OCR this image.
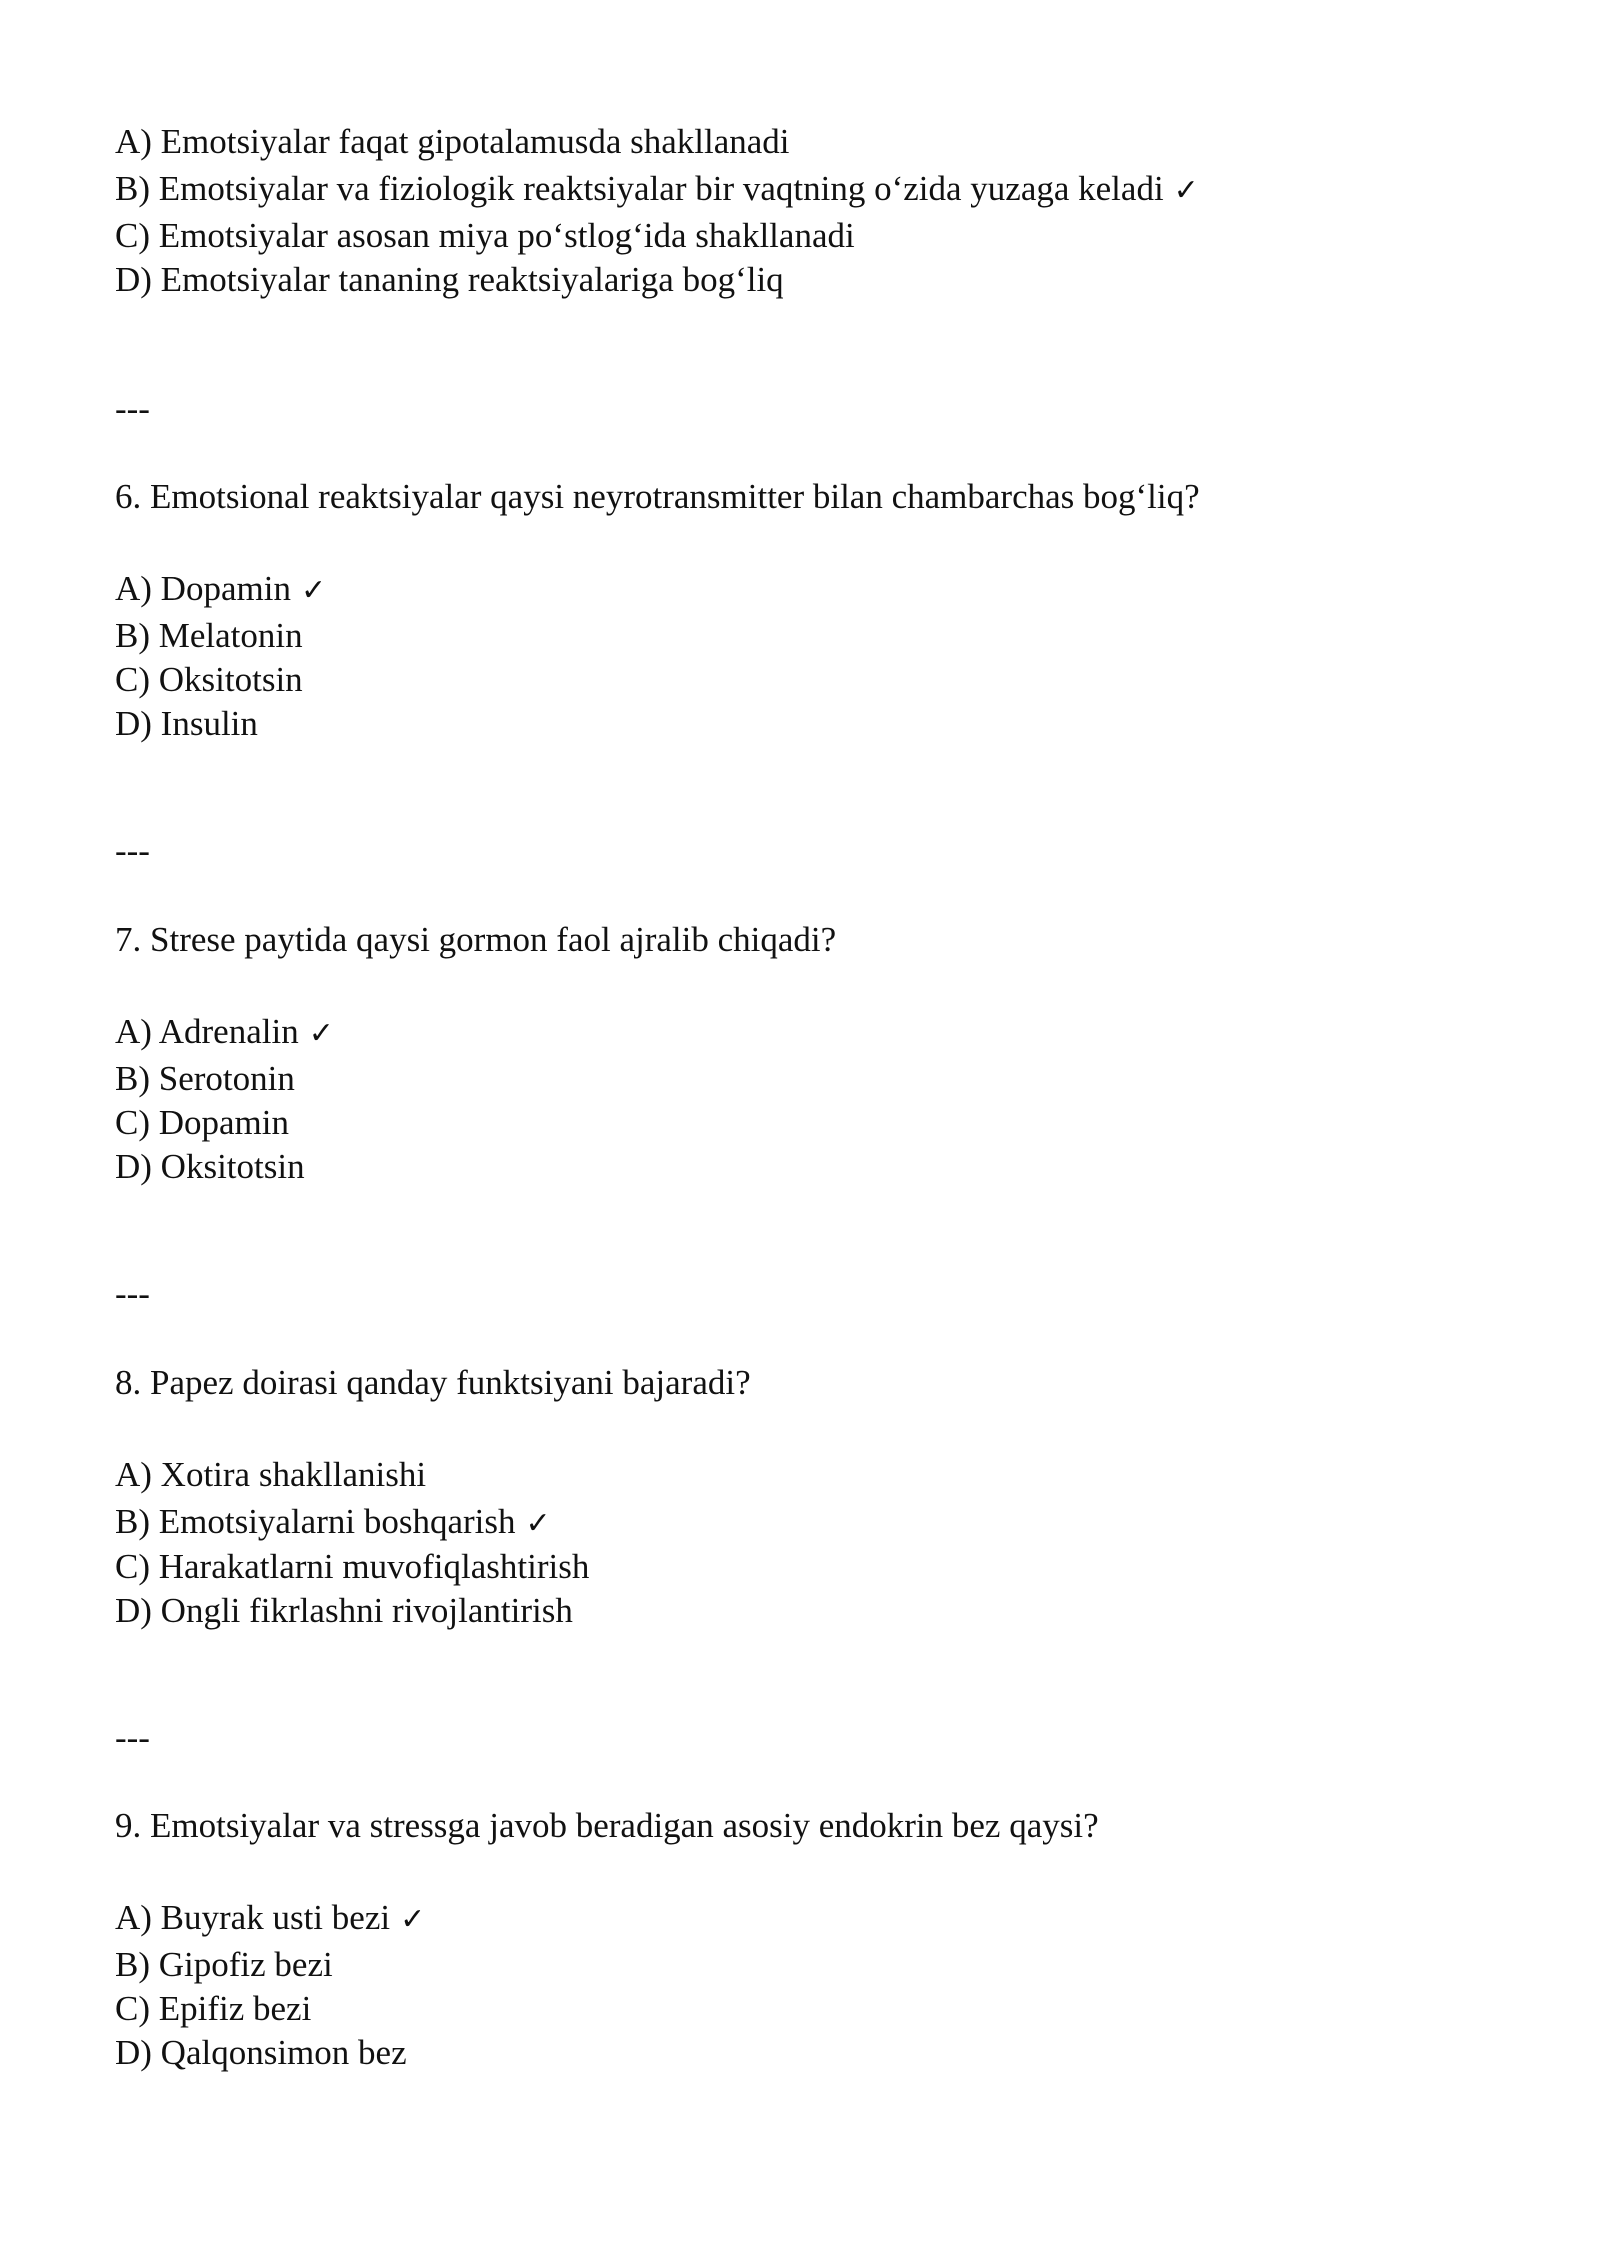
A) Emotsiyalar faqat gipotalamusda shakllanadi
B) Emotsiyalar va fiziologik reaktsiyalar bir vaqtning o‘zida yuzaga keladi ✓
C) Emotsiyalar asosan miya po‘stlog‘ida shakllanadi
D) Emotsiyalar tananing reaktsiyalariga bog‘liq
---
6. Emotsional reaktsiyalar qaysi neyrotransmitter bilan chambarchas bog‘liq?
A) Dopamin ✓
B) Melatonin
C) Oksitotsin
D) Insulin
---
7. Strese paytida qaysi gormon faol ajralib chiqadi?
A) Adrenalin ✓
B) Serotonin
C) Dopamin
D) Oksitotsin
---
8. Papez doirasi qanday funktsiyani bajaradi?
A) Xotira shakllanishi
B) Emotsiyalarni boshqarish ✓
C) Harakatlarni muvofiqlashtirish
D) Ongli fikrlashni rivojlantirish
---
9. Emotsiyalar va stressga javob beradigan asosiy endokrin bez qaysi?
A) Buyrak usti bezi ✓
B) Gipofiz bezi
C) Epifiz bezi
D) Qalqonsimon bez
